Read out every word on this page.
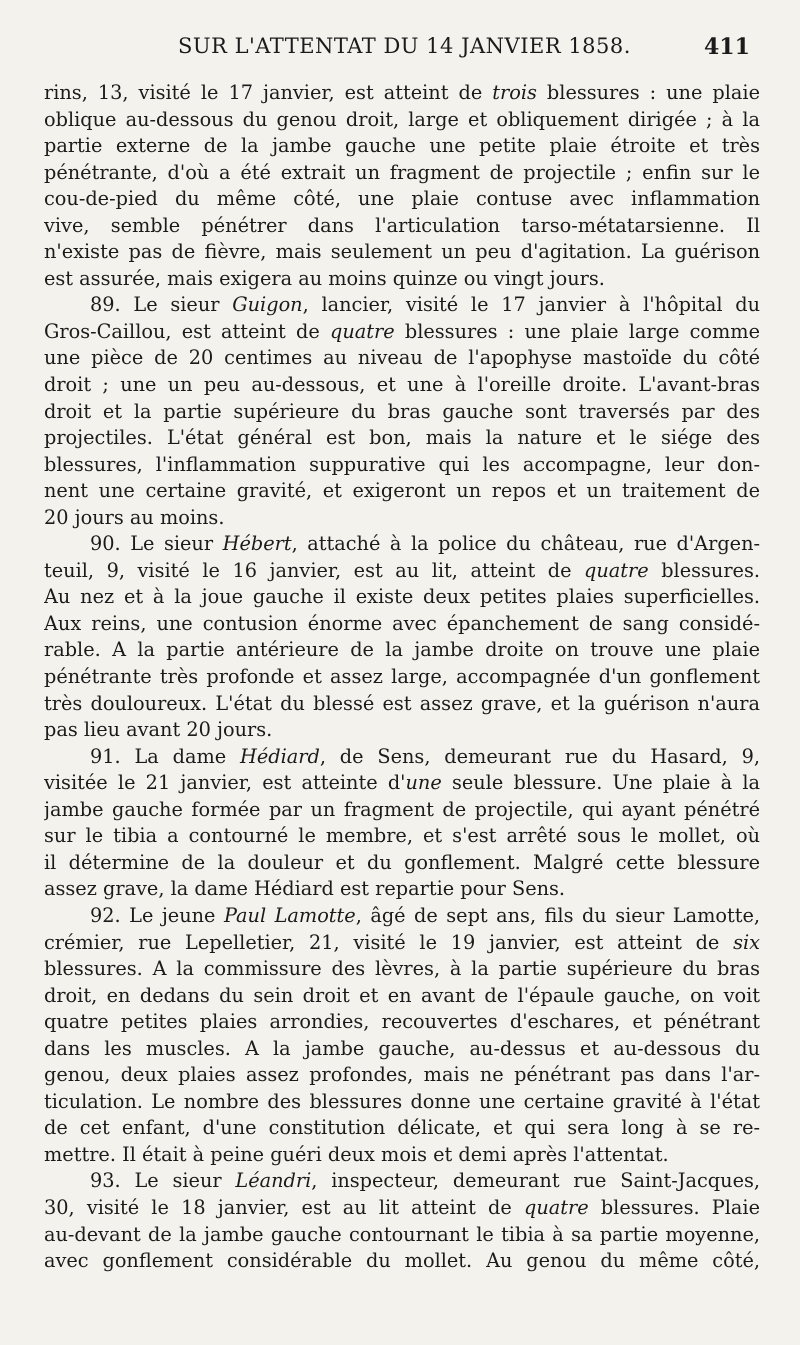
SUR L'ATTENTAT DU 14 JANVIER 1858.	411
rins, 13, visité le 17 janvier, est atteint de trois blessures : une plaie
oblique au-dessous du genou droit, large et obliquement dirigée ; à la
partie externe de la jambe gauche une petite plaie étroite et très
pénétrante, d'où a été extrait un fragment de projectile ; enfin sur le
cou-de-pied du même côté, une plaie contuse avec inflammation
vive, semble pénétrer dans l'articulation tarso-métatarsienne. Il
n'existe pas de fièvre, mais seulement un peu d'agitation. La guérison
est assurée, mais exigera au moins quinze ou vingt jours.
89. Le sieur Guigon, lancier, visité le 17 janvier à l'hôpital du
Gros-Caillou, est atteint de quatre blessures : une plaie large comme
une pièce de 20 centimes au niveau de l'apophyse mastoïde du côté
droit ; une un peu au-dessous, et une à l'oreille droite. L'avant-bras
droit et la partie supérieure du bras gauche sont traversés par des
projectiles. L'état général est bon, mais la nature et le siége des
blessures, l'inflammation suppurative qui les accompagne, leur don-
nent une certaine gravité, et exigeront un repos et un traitement de
20 jours au moins.
90. Le sieur Hébert, attaché à la police du château, rue d'Argen-
teuil, 9, visité le 16 janvier, est au lit, atteint de quatre blessures.
Au nez et à la joue gauche il existe deux petites plaies superficielles.
Aux reins, une contusion énorme avec épanchement de sang considé-
rable. A la partie antérieure de la jambe droite on trouve une plaie
pénétrante très profonde et assez large, accompagnée d'un gonflement
très douloureux. L'état du blessé est assez grave, et la guérison n'aura
pas lieu avant 20 jours.
91. La dame Hédiard, de Sens, demeurant rue du Hasard, 9,
visitée le 21 janvier, est atteinte d'une seule blessure. Une plaie à la
jambe gauche formée par un fragment de projectile, qui ayant pénétré
sur le tibia a contourné le membre, et s'est arrêté sous le mollet, où
il détermine de la douleur et du gonflement. Malgré cette blessure
assez grave, la dame Hédiard est repartie pour Sens.
92. Le jeune Paul Lamotte, âgé de sept ans, fils du sieur Lamotte,
crémier, rue Lepelletier, 21, visité le 19 janvier, est atteint de six
blessures. A la commissure des lèvres, à la partie supérieure du bras
droit, en dedans du sein droit et en avant de l'épaule gauche, on voit
quatre petites plaies arrondies, recouvertes d'eschares, et pénétrant
dans les muscles. A la jambe gauche, au-dessus et au-dessous du
genou, deux plaies assez profondes, mais ne pénétrant pas dans l'ar-
ticulation. Le nombre des blessures donne une certaine gravité à l'état
de cet enfant, d'une constitution délicate, et qui sera long à se re-
mettre. Il était à peine guéri deux mois et demi après l'attentat.
93. Le sieur Léandri, inspecteur, demeurant rue Saint-Jacques,
30, visité le 18 janvier, est au lit atteint de quatre blessures. Plaie
au-devant de la jambe gauche contournant le tibia à sa partie moyenne,
avec gonflement considérable du mollet. Au genou du même côté,
